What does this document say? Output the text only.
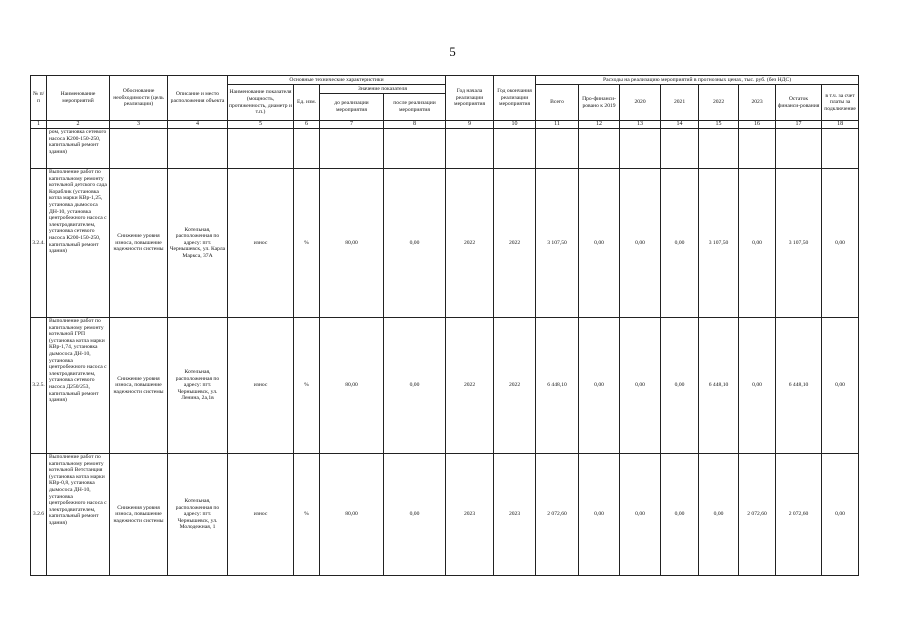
5
№ п/п	Наименование мероприятий	Обоснование необходимости (цель реализации)	Описание и место расположения объекта	Основные технические характеристики				Год начала реализации мероприятия	Год окончания реализации мероприятия	Расходы на реализацию мероприятий в прогнозных ценах, тыс. руб. (без НДС)							
				Наименование показателя (мощность, протяженность, диаметр и т.п.)	Ед. изм.	Значение показателя				Всего	Про-финанси-ровано к 2019	2020	2021	2022	2023	Остаток финанси-рования	в т.ч. за счет платы за подключение
						до реализации мероприятия	после реализации мероприятия										
1	2	3	4	5	6	7	8	9	10	11	12	13	14	15	16	17	18
	ром, установка сетевого насоса К200-150-250, капитальный ремонт здания)																
3.2.4.	Выполнение работ по капитальному ремонту котельной детского сада Кораблик (установка котла марки КВр-1,25, установка дымососа ДН-10, установка центробежного насоса с электродвигателем, установка сетевого насоса К200-150-250, капитальный ремонт здания)	Снижение уровня износа, повышение надежности системы	Котельная, расположенная по адресу: пгт. Чернышевск, ул. Карла Маркса, 37А	износ	%	80,00	0,00	2022	2022	3 107,50	0,00	0,00	0,00	3 107,50	0,00	3 107,50	0,00
3.2.5.	Выполнение работ по капитальному ремонту котельной ГРП (установка котла марки КВр-1,74, установка дымососа ДН-10, установка центробежного насоса с электродвигателем, установка сетевого насоса Д250/253, капитальный ремонт здания)	Снижение уровня износа, повышение надежности системы	Котельная, расположенная по адресу: пгт. Чернышевск, ул. Ленина, 2а,1в	износ	%	80,00	0,00	2022	2022	6 448,10	0,00	0,00	0,00	6 448,10	0,00	6 448,10	0,00
3.2.6	Выполнение работ по капитальному ремонту котельной Ветстанция (установка котла марки КВр-0,8, установка дымососа ДН-10, установка центробежного насоса с электродвигателем, капитальный ремонт здания)	Снижения уровня износа, повышение надежности системы	Котельная, расположенная по адресу: пгт. Чернышевск, ул. Молодежная, 1	износ	%	80,00	0,00	2023	2023	2 072,60	0,00	0,00	0,00	0,00	2 072,60	2 072,60	0,00
